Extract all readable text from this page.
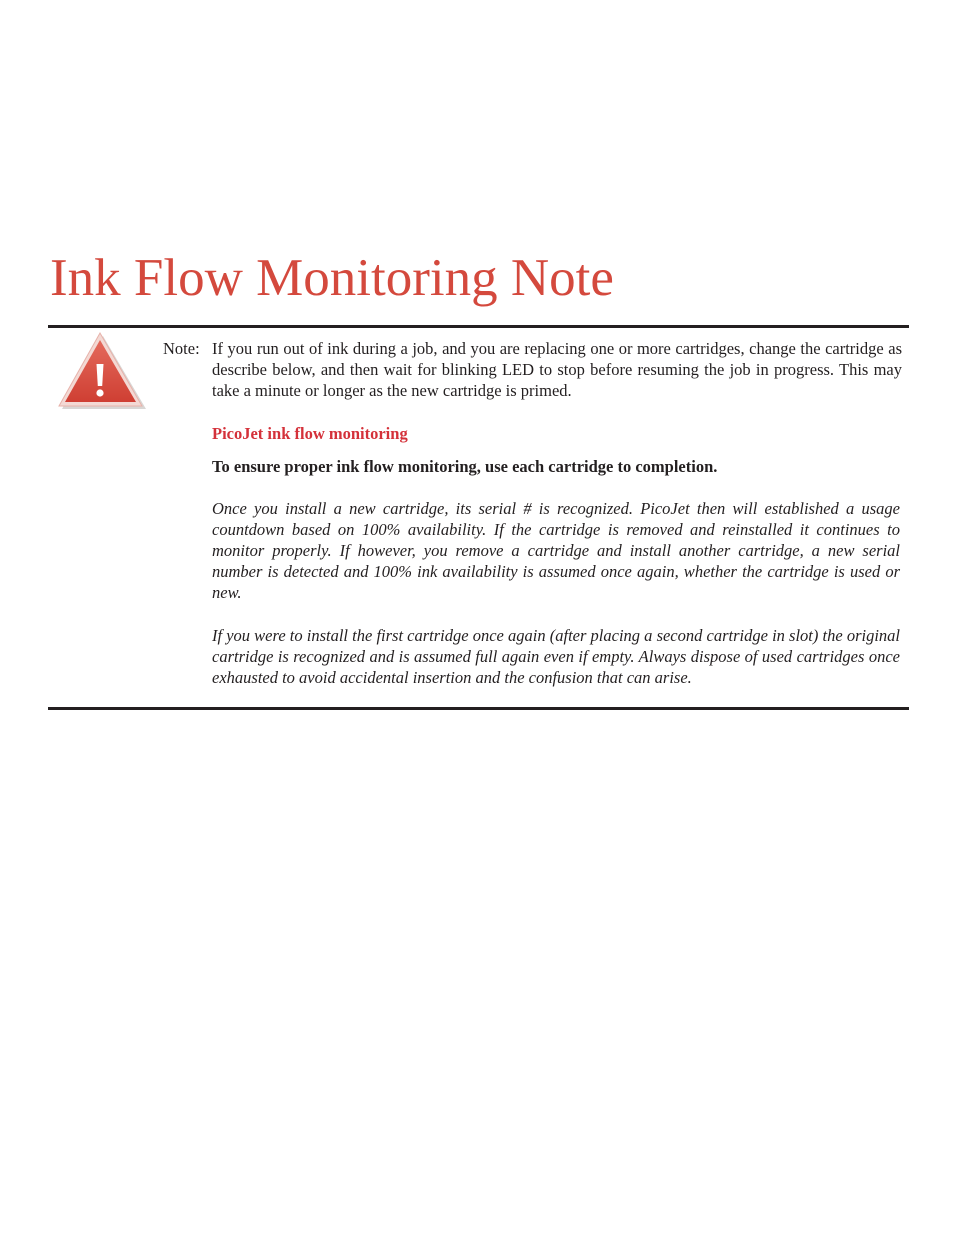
Ink Flow Monitoring Note
Note: If you run out of ink during a job, and you are replacing one or more cartridges, change the cartridge as describe below, and then wait for blinking LED to stop before resuming the job in progress. This may take a minute or longer as the new cartridge is primed.

PicoJet ink flow monitoring

To ensure proper ink flow monitoring, use each cartridge to completion.

Once you install a new cartridge, its serial # is recognized. PicoJet then will established a usage countdown based on 100% availability. If the cartridge is removed and reinstalled it continues to monitor properly. If however, you remove a cartridge and install another cartridge, a new serial number is detected and 100% ink availability is assumed once again, whether the cartridge is used or new.

If you were to install the first cartridge once again (after placing a second cartridge in slot) the original cartridge is recognized and is assumed full again even if empty. Always dispose of used cartridges once exhausted to avoid accidental insertion and the confusion that can arise.
